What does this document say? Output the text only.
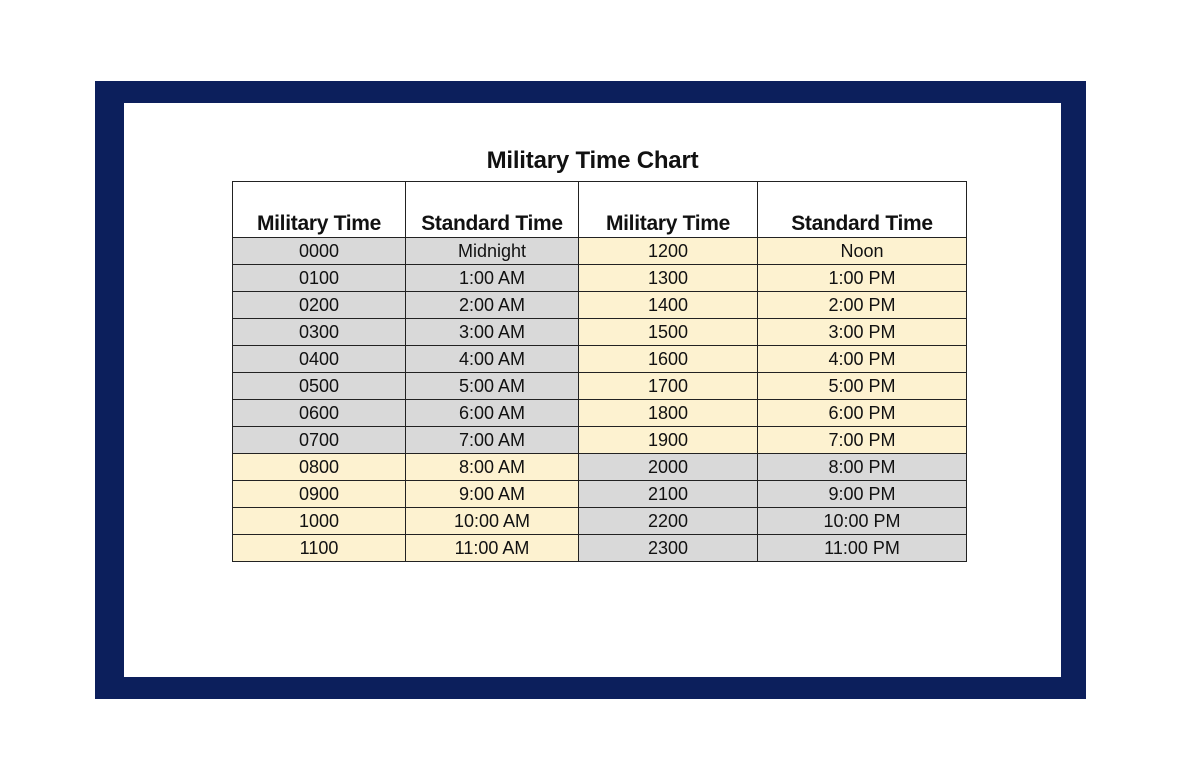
Military Time Chart
Military Time	Standard Time	Military Time	Standard Time
0000	Midnight	1200	Noon
0100	1:00 AM	1300	1:00 PM
0200	2:00 AM	1400	2:00 PM
0300	3:00 AM	1500	3:00 PM
0400	4:00 AM	1600	4:00 PM
0500	5:00 AM	1700	5:00 PM
0600	6:00 AM	1800	6:00 PM
0700	7:00 AM	1900	7:00 PM
0800	8:00 AM	2000	8:00 PM
0900	9:00 AM	2100	9:00 PM
1000	10:00 AM	2200	10:00 PM
1100	11:00 AM	2300	11:00 PM
